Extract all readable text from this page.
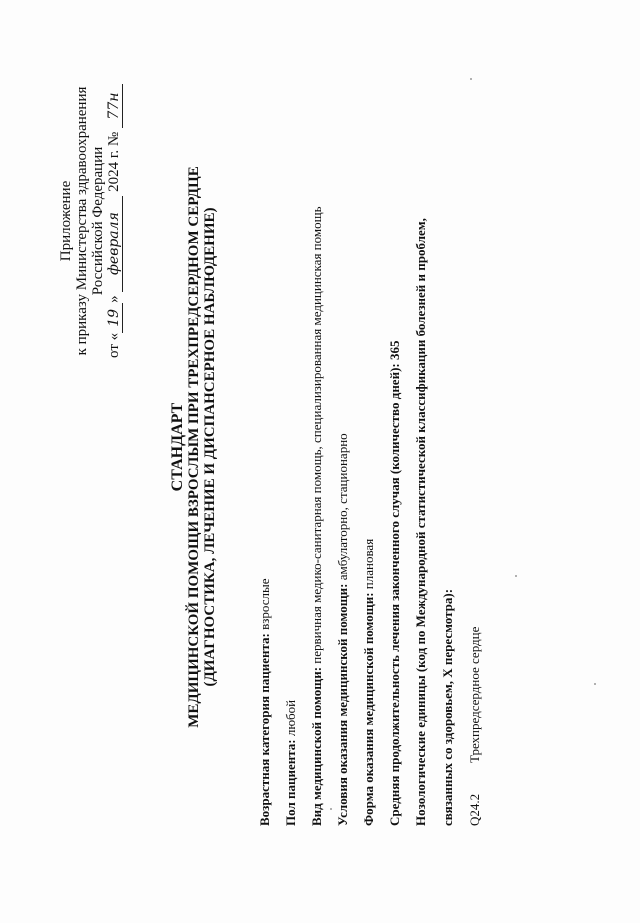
Приложение к приказу Министерства здравоохранения Российской Федерации
от «19» февраля 2024 г. № 77н
СТАНДАРТ МЕДИЦИНСКОЙ ПОМОЩИ ВЗРОСЛЫМ ПРИ ТРЕХПРЕДСЕРДНОМ СЕРДЦЕ (ДИАГНОСТИКА, ЛЕЧЕНИЕ И ДИСПАНСЕРНОЕ НАБЛЮДЕНИЕ)
Возрастная категория пациента: взрослые
Пол пациента: любой Вид медицинской помощи: первичная медико-санитарная помощь, специализированная медицинская помощь
Условия оказания медицинской помощи: амбулаторно, стационарно
Форма оказания медицинской помощи: плановая Средняя продолжительность лечения законченного случая (количество дней): 365 Нозологические единицы (код по Международной статистической классификации болезней и проблем, связанных со здоровьем, X пересмотра): Q24.2
Трехпредсердное сердце
